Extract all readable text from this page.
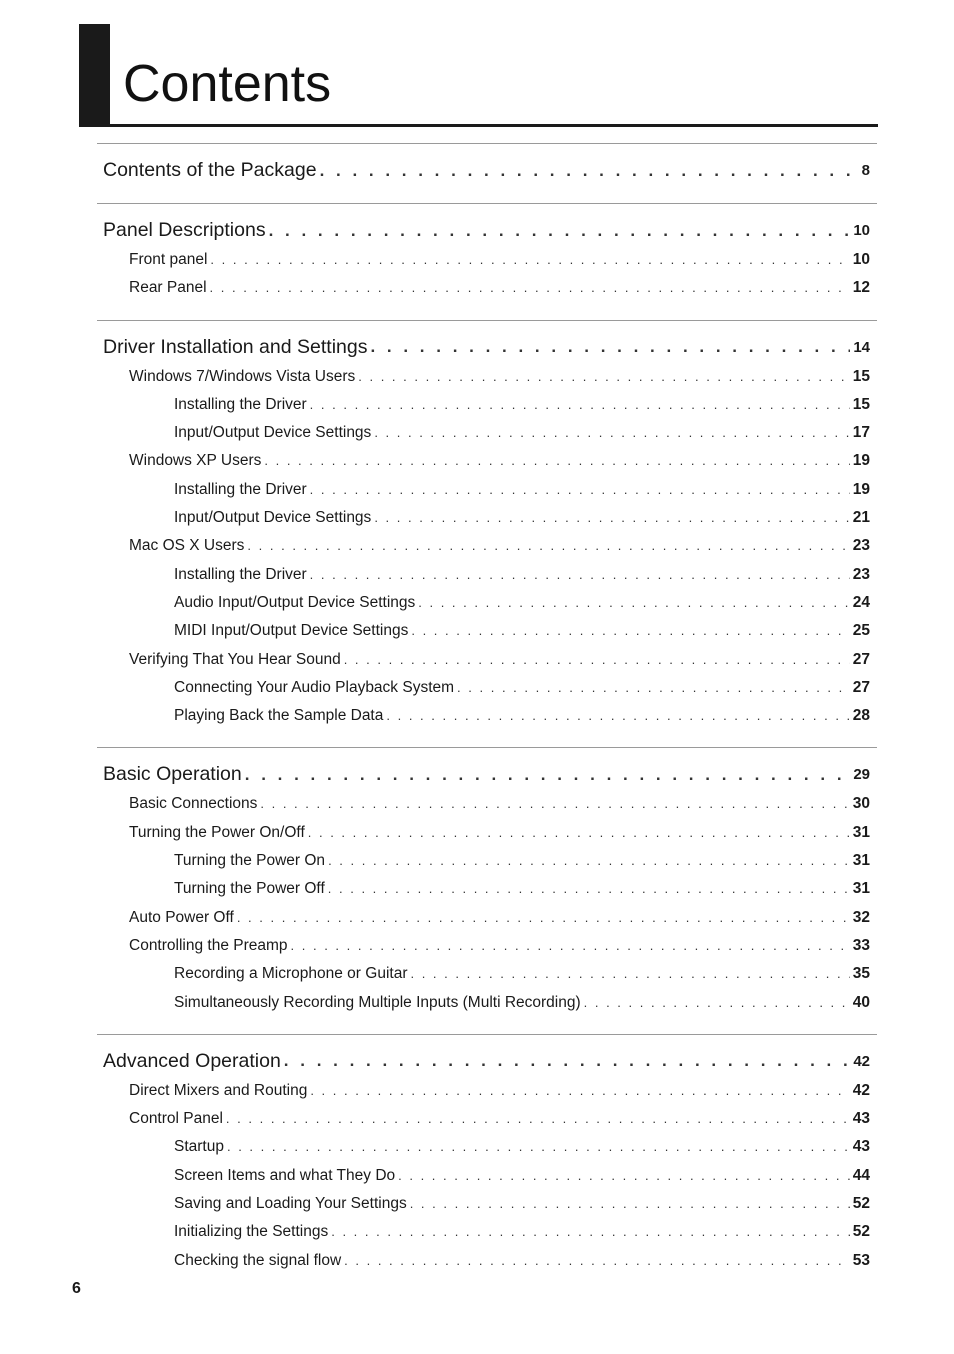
Contents
Contents of the Package . . .	8
Panel Descriptions . . .	10
Front panel . . .	10
Rear Panel . . .	12
Driver Installation and Settings . . .	14
Windows 7/Windows Vista Users . . .	15
Installing the Driver . . .	15
Input/Output Device Settings . . .	17
Windows XP Users . . .	19
Installing the Driver . . .	19
Input/Output Device Settings . . .	21
Mac OS X Users . . .	23
Installing the Driver . . .	23
Audio Input/Output Device Settings . . .	24
MIDI Input/Output Device Settings . . .	25
Verifying That You Hear Sound . . .	27
Connecting Your Audio Playback System . . .	27
Playing Back the Sample Data . . .	28
Basic Operation . . .	29
Basic Connections . . .	30
Turning the Power On/Off . . .	31
Turning the Power On . . .	31
Turning the Power Off . . .	31
Auto Power Off . . .	32
Controlling the Preamp . . .	33
Recording a Microphone or Guitar . . .	35
Simultaneously Recording Multiple Inputs (Multi Recording) . . .	40
Advanced Operation . . .	42
Direct Mixers and Routing . . .	42
Control Panel . . .	43
Startup . . .	43
Screen Items and what They Do . . .	44
Saving and Loading Your Settings . . .	52
Initializing the Settings . . .	52
Checking the signal flow . . .	53
6
